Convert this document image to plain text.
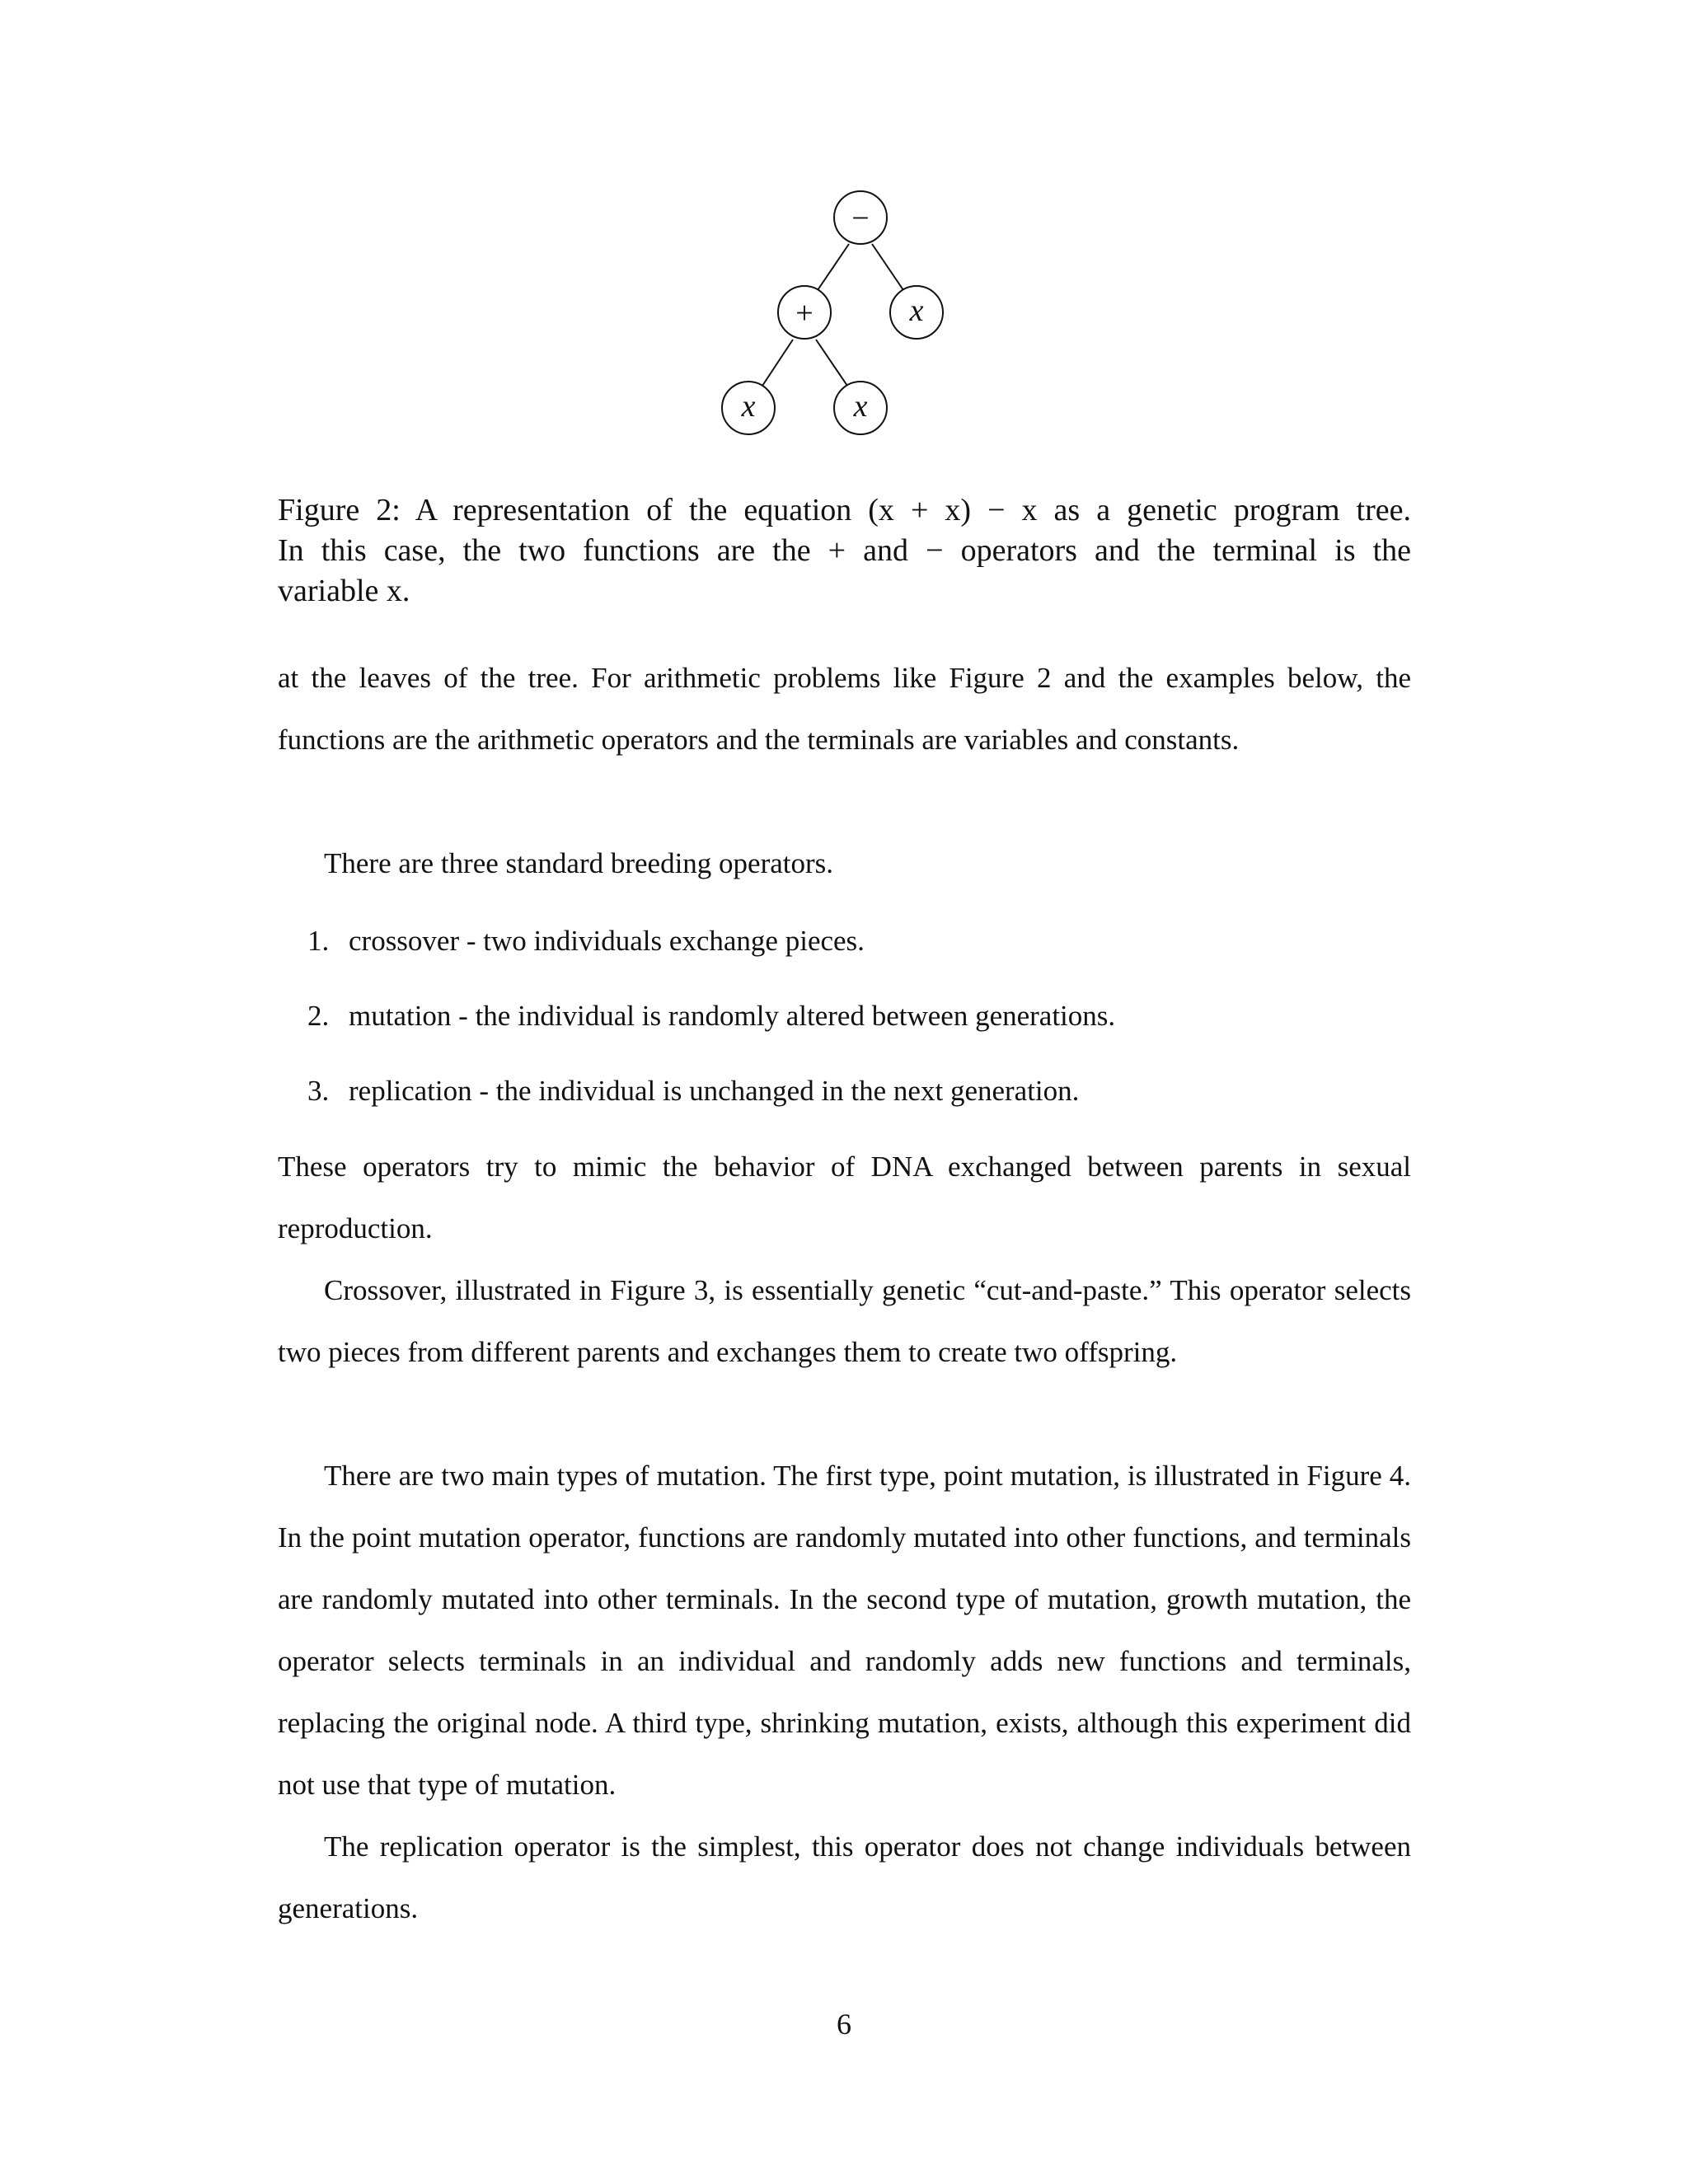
−
+	x
x	x

Figure 2: A representation of the equation (x + x) − x as a genetic program tree.
In this case, the two functions are the + and − operators and the terminal is the
variable x.

at the leaves of the tree. For arithmetic problems like Figure 2 and the examples below, the functions are the arithmetic operators and the terminals are variables and constants.

There are three standard breeding operators.

1. crossover - two individuals exchange pieces.

2. mutation - the individual is randomly altered between generations.

3. replication - the individual is unchanged in the next generation.

These operators try to mimic the behavior of DNA exchanged between parents in sexual reproduction.

Crossover, illustrated in Figure 3, is essentially genetic “cut-and-paste.” This operator selects two pieces from different parents and exchanges them to create two offspring.

There are two main types of mutation. The first type, point mutation, is illustrated in Figure 4. In the point mutation operator, functions are randomly mutated into other functions, and terminals are randomly mutated into other terminals. In the second type of mutation, growth mutation, the operator selects terminals in an individual and randomly adds new functions and terminals, replacing the original node. A third type, shrinking mutation, exists, although this experiment did not use that type of mutation.

The replication operator is the simplest, this operator does not change individuals between generations.

6
